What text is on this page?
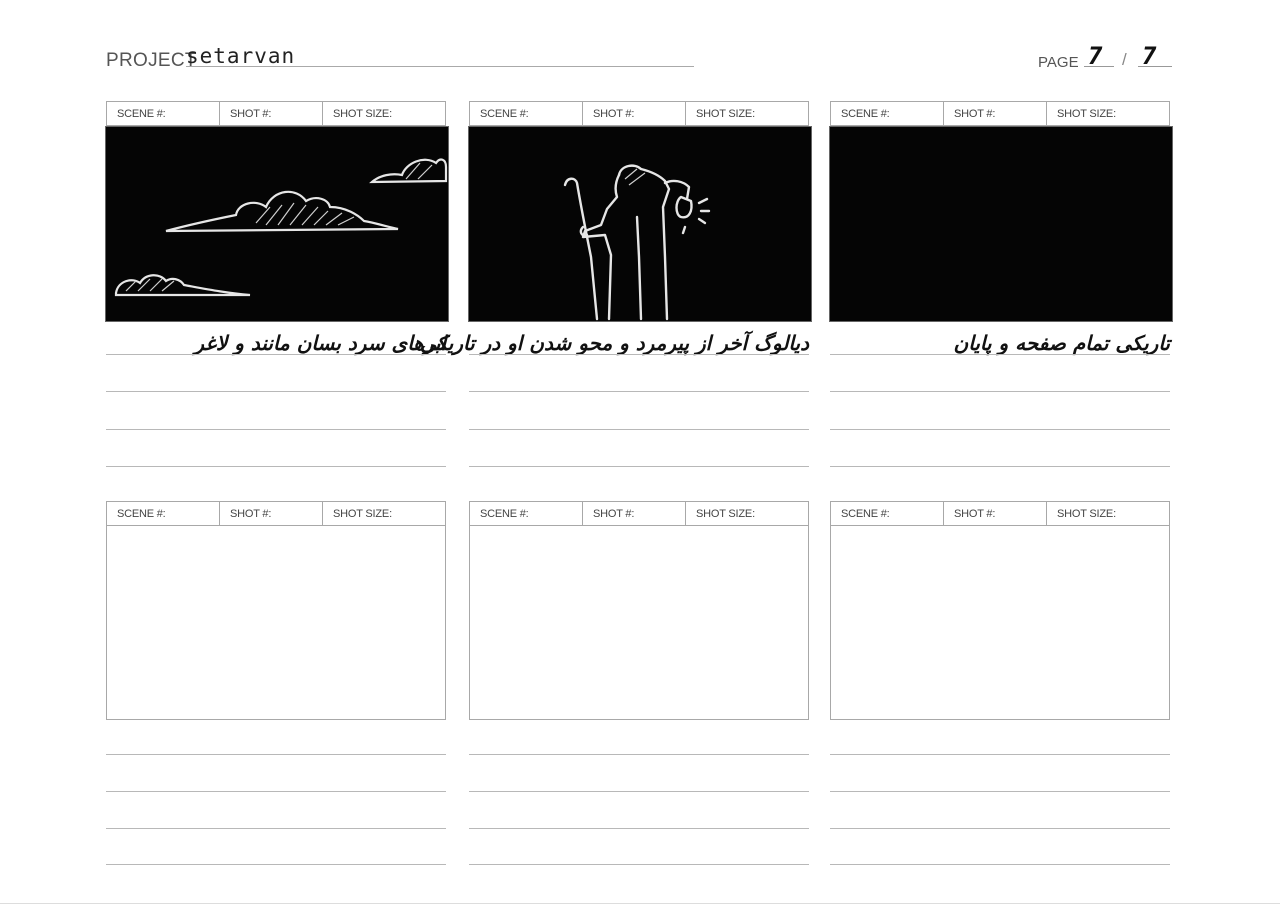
PROJECT
setarvan	PAGE 7 / 7
SCENE #:	SHOT #:	SHOT SIZE:
ابرهای سرد بسان مانند و لاغر
SCENE #:	SHOT #:	SHOT SIZE:
دیالوگ آخر از پیرمرد و محو شدن او در تاریکی
SCENE #:	SHOT #:	SHOT SIZE:
تاریکی تمام صفحه و پایان
SCENE #:	SHOT #:	SHOT SIZE:	SCENE #:	SHOT #:	SHOT SIZE:	SCENE #:	SHOT #:	SHOT SIZE:
